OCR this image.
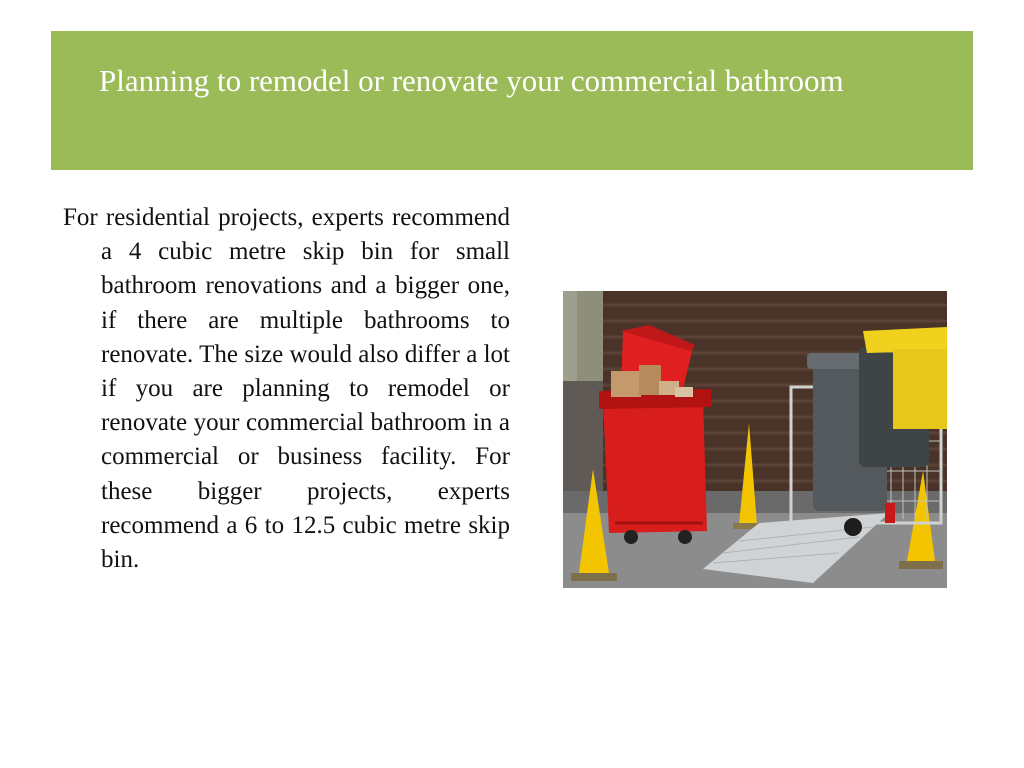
Planning to remodel or renovate your commercial bathroom

For residential projects, experts recommend a 4 cubic metre skip bin for small bathroom renovations and a bigger one, if there are multiple bathrooms to renovate. The size would also differ a lot if you are planning to remodel or renovate your commercial bathroom in a commercial or business facility. For these bigger projects, experts recommend a 6 to 12.5 cubic metre skip bin.
